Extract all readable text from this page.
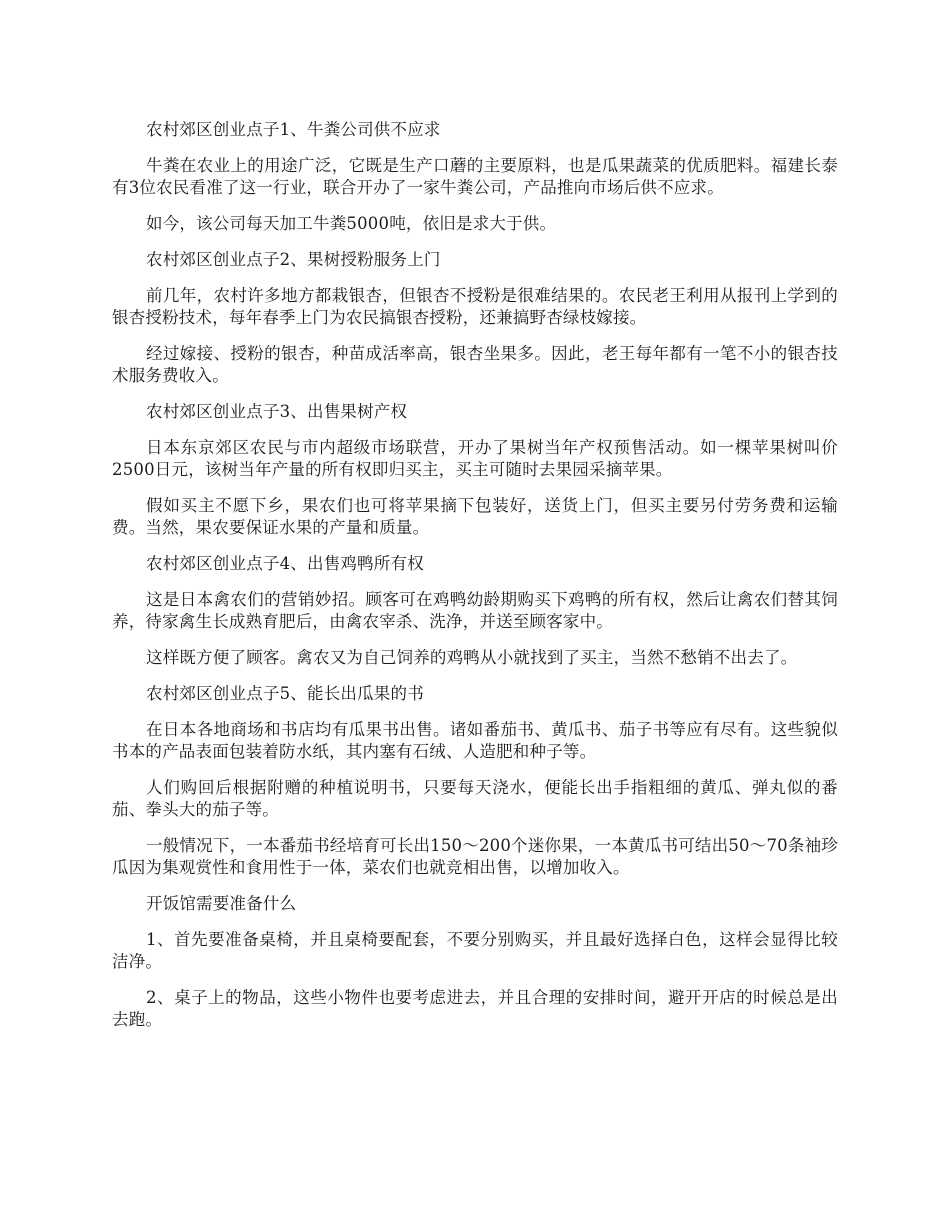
农村郊区创业点子1、牛粪公司供不应求

牛粪在农业上的用途广泛，它既是生产口蘑的主要原料，也是瓜果蔬菜的优质肥料。福建长泰有3位农民看准了这一行业，联合开办了一家牛粪公司，产品推向市场后供不应求。

如今，该公司每天加工牛粪5000吨，依旧是求大于供。

农村郊区创业点子2、果树授粉服务上门

前几年，农村许多地方都栽银杏，但银杏不授粉是很难结果的。农民老王利用从报刊上学到的银杏授粉技术，每年春季上门为农民搞银杏授粉，还兼搞野杏绿枝嫁接。

经过嫁接、授粉的银杏，种苗成活率高，银杏坐果多。因此，老王每年都有一笔不小的银杏技术服务费收入。

农村郊区创业点子3、出售果树产权

日本东京郊区农民与市内超级市场联营，开办了果树当年产权预售活动。如一棵苹果树叫价2500日元，该树当年产量的所有权即归买主，买主可随时去果园采摘苹果。

假如买主不愿下乡，果农们也可将苹果摘下包装好，送货上门，但买主要另付劳务费和运输费。当然，果农要保证水果的产量和质量。

农村郊区创业点子4、出售鸡鸭所有权

这是日本禽农们的营销妙招。顾客可在鸡鸭幼龄期购买下鸡鸭的所有权，然后让禽农们替其饲养，待家禽生长成熟育肥后，由禽农宰杀、洗净，并送至顾客家中。

这样既方便了顾客。禽农又为自己饲养的鸡鸭从小就找到了买主，当然不愁销不出去了。

农村郊区创业点子5、能长出瓜果的书

在日本各地商场和书店均有瓜果书出售。诸如番茄书、黄瓜书、茄子书等应有尽有。这些貌似书本的产品表面包装着防水纸，其内塞有石绒、人造肥和种子等。

人们购回后根据附赠的种植说明书，只要每天浇水，便能长出手指粗细的黄瓜、弹丸似的番茄、拳头大的茄子等。

一般情况下，一本番茄书经培育可长出150～200个迷你果，一本黄瓜书可结出50～70条袖珍瓜因为集观赏性和食用性于一体，菜农们也就竞相出售，以增加收入。

开饭馆需要准备什么

1、首先要准备桌椅，并且桌椅要配套，不要分别购买，并且最好选择白色，这样会显得比较洁净。

2、桌子上的物品，这些小物件也要考虑进去，并且合理的安排时间，避开开店的时候总是出去跑。
